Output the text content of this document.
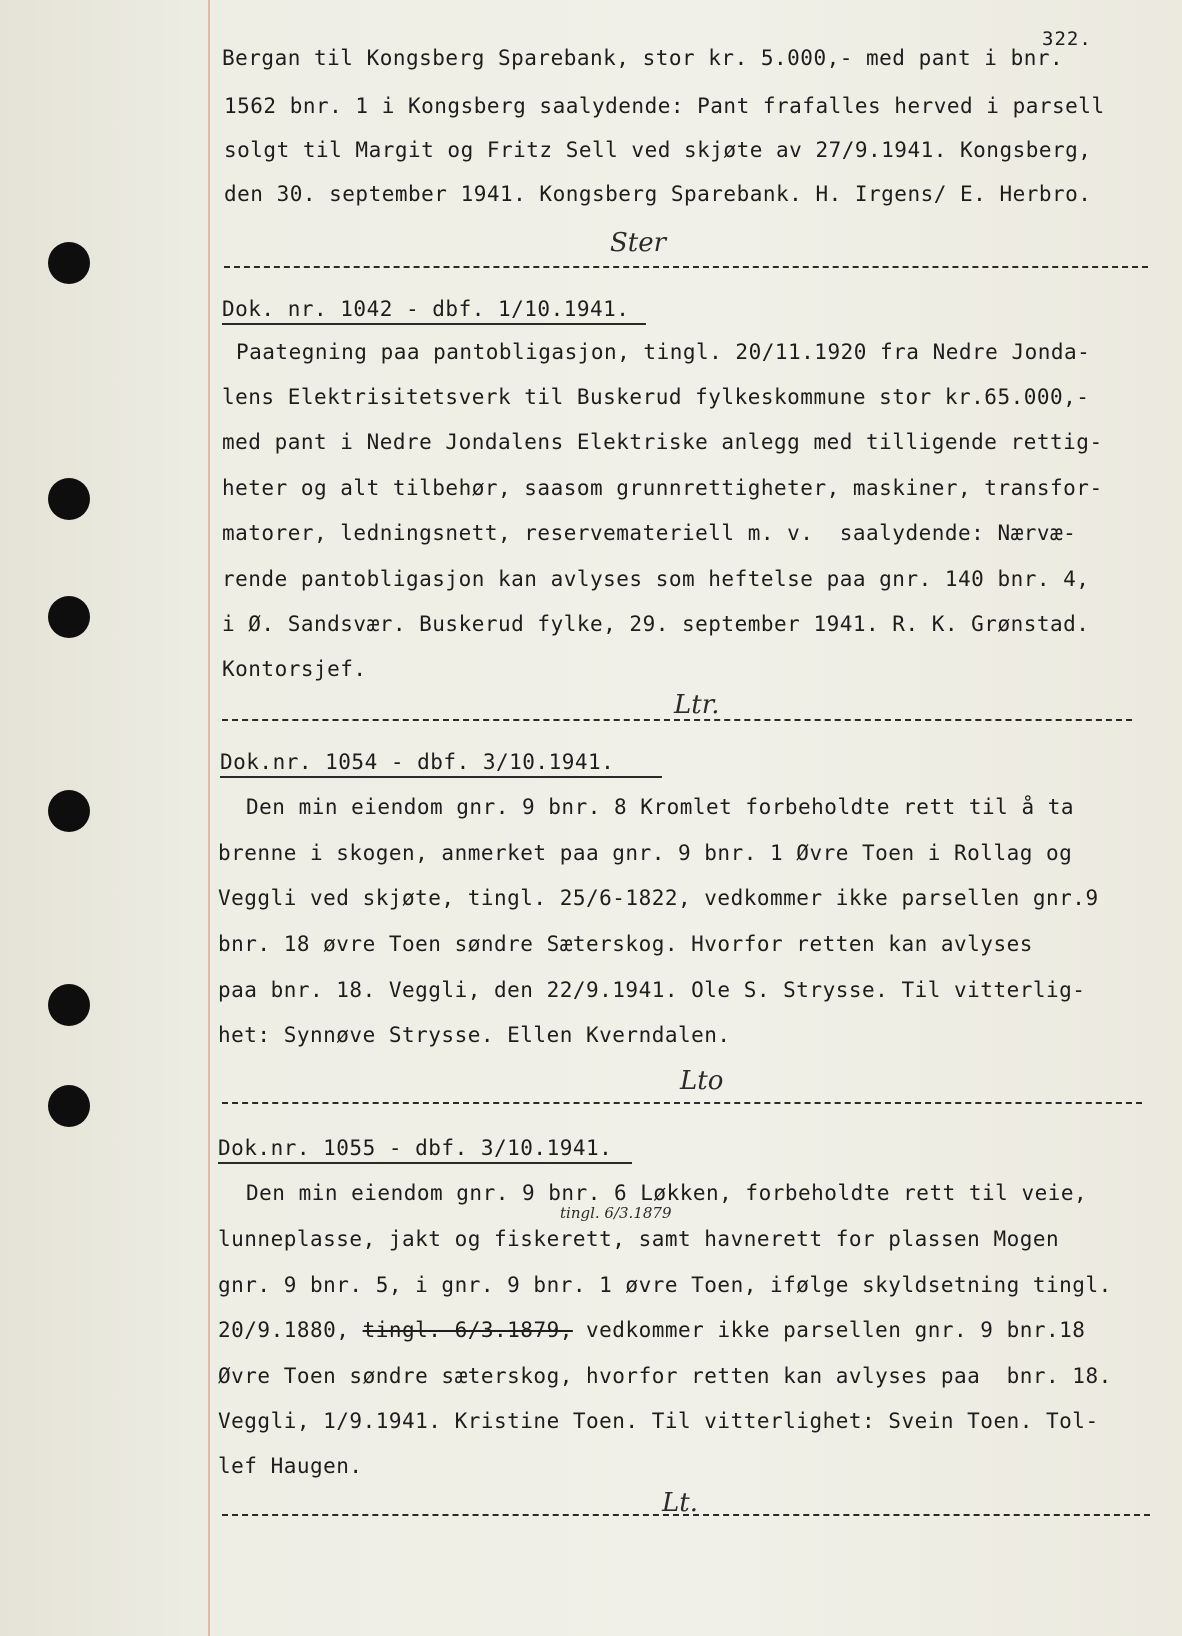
322.
Bergan til Kongsberg Sparebank, stor kr. 5.000,- med pant i bnr.
1562 bnr. 1 i Kongsberg saalydende: Pant frafalles herved i parsell
solgt til Margit og Fritz Sell ved skjøte av 27/9.1941. Kongsberg,
den 30. september 1941. Kongsberg Sparebank. H. Irgens/ E. Herbro.
Ster
Dok. nr. 1042 - dbf. 1/10.1941.
Paategning paa pantobligasjon, tingl. 20/11.1920 fra Nedre Jonda-
lens Elektrisitetsverk til Buskerud fylkeskommune stor kr.65.000,-
med pant i Nedre Jondalens Elektriske anlegg med tilligende rettig-
heter og alt tilbehør, saasom grunnrettigheter, maskiner, transfor-
matorer, ledningsnett, reservemateriell m. v.  saalydende: Nærvæ-
rende pantobligasjon kan avlyses som heftelse paa gnr. 140 bnr. 4,
i Ø. Sandsvær. Buskerud fylke, 29. september 1941. R. K. Grønstad.
Kontorsjef.
Ltr.
Dok.nr. 1054 - dbf. 3/10.1941.
Den min eiendom gnr. 9 bnr. 8 Kromlet forbeholdte rett til å ta
brenne i skogen, anmerket paa gnr. 9 bnr. 1 Øvre Toen i Rollag og
Veggli ved skjøte, tingl. 25/6-1822, vedkommer ikke parsellen gnr.9
bnr. 18 øvre Toen søndre Sæterskog. Hvorfor retten kan avlyses
paa bnr. 18. Veggli, den 22/9.1941. Ole S. Strysse. Til vitterlig-
het: Synnøve Strysse. Ellen Kverndalen.
Lto
Dok.nr. 1055 - dbf. 3/10.1941.
Den min eiendom gnr. 9 bnr. 6 Løkken, forbeholdte rett til veie,
tingl. 6/3.1879
lunneplasse, jakt og fiskerett, samt havnerett for plassen Mogen
gnr. 9 bnr. 5, i gnr. 9 bnr. 1 øvre Toen, ifølge skyldsetning tingl.
20/9.1880, tingl. 6/3.1879, vedkommer ikke parsellen gnr. 9 bnr.18
Øvre Toen søndre sæterskog, hvorfor retten kan avlyses paa  bnr. 18.
Veggli, 1/9.1941. Kristine Toen. Til vitterlighet: Svein Toen. Tol-
lef Haugen.
Lt.
